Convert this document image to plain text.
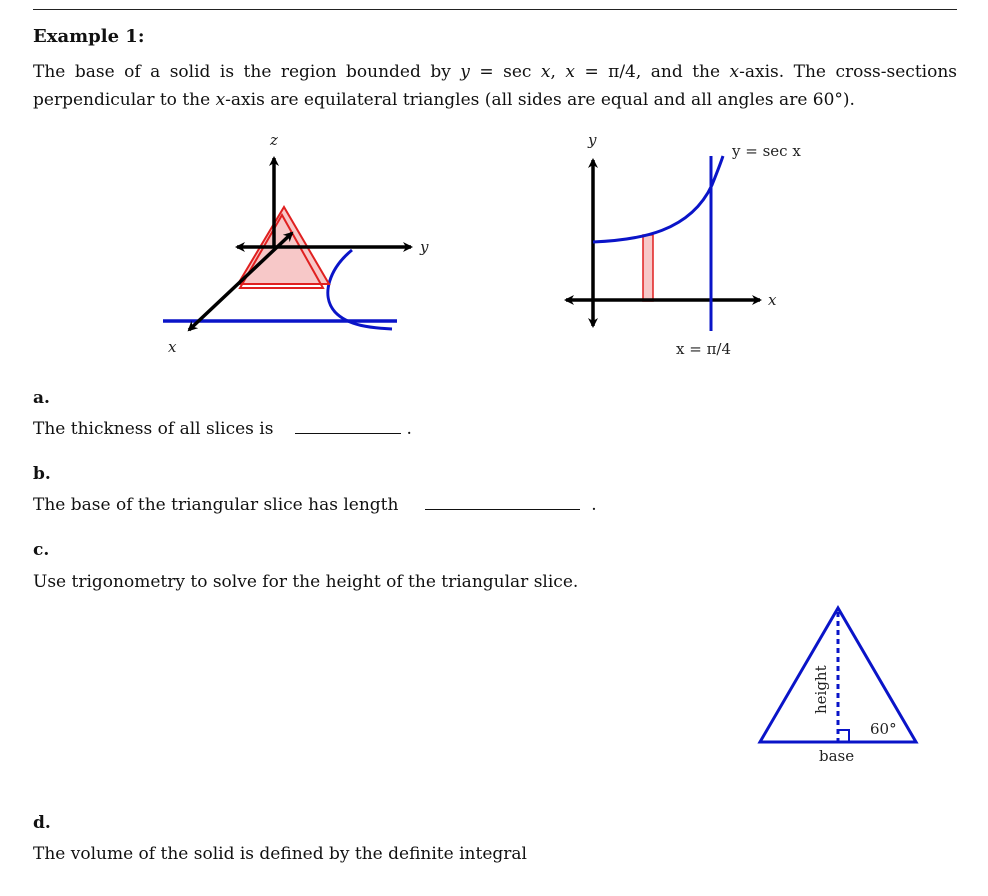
Example 1:
The base of a solid is the region bounded by y = sec x, x = π/4, and the x-axis. The cross-sections perpendicular to the x-axis are equilateral triangles (all sides are equal and all angles are 60°).
z
y
x
y
x
y = sec x
x = π/4
a.
The thickness of all slices is	.
b.
The base of the triangular slice has length	.
c.
Use trigonometry to solve for the height of the triangular slice.
height
60°
base
d.
The volume of the solid is defined by the definite integral
